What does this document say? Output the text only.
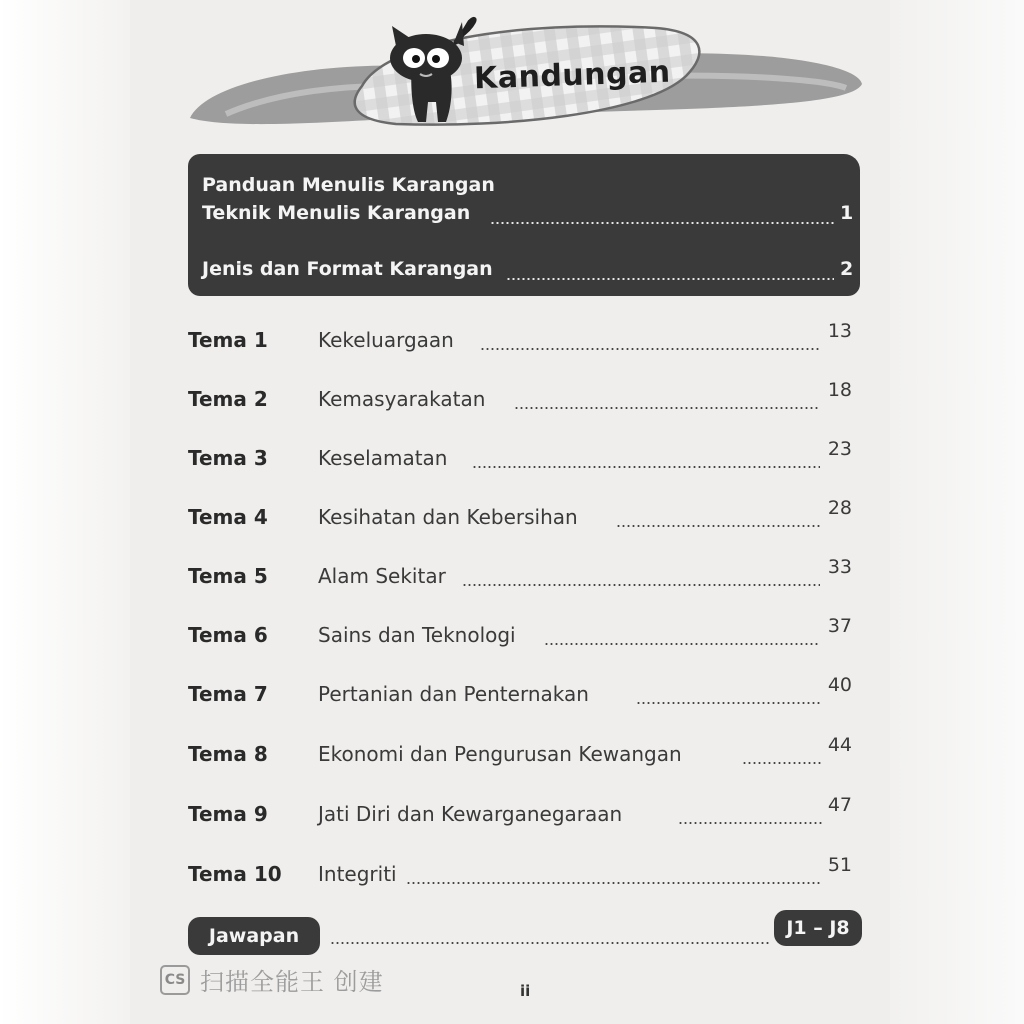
Kandungan
Panduan Menulis Karangan
Teknik Menulis Karangan	1
Jenis dan Format Karangan	2
Tema 1	Kekeluargaan	13
Tema 2	Kemasyarakatan	18
Tema 3	Keselamatan	23
Tema 4	Kesihatan dan Kebersihan	28
Tema 5	Alam Sekitar	33
Tema 6	Sains dan Teknologi	37
Tema 7	Pertanian dan Penternakan	40
Tema 8	Ekonomi dan Pengurusan Kewangan	44
Tema 9	Jati Diri dan Kewarganegaraan	47
Tema 10 Integriti	51
Jawapan	J1 – J8
CS 扫描全能王 创建	ii
